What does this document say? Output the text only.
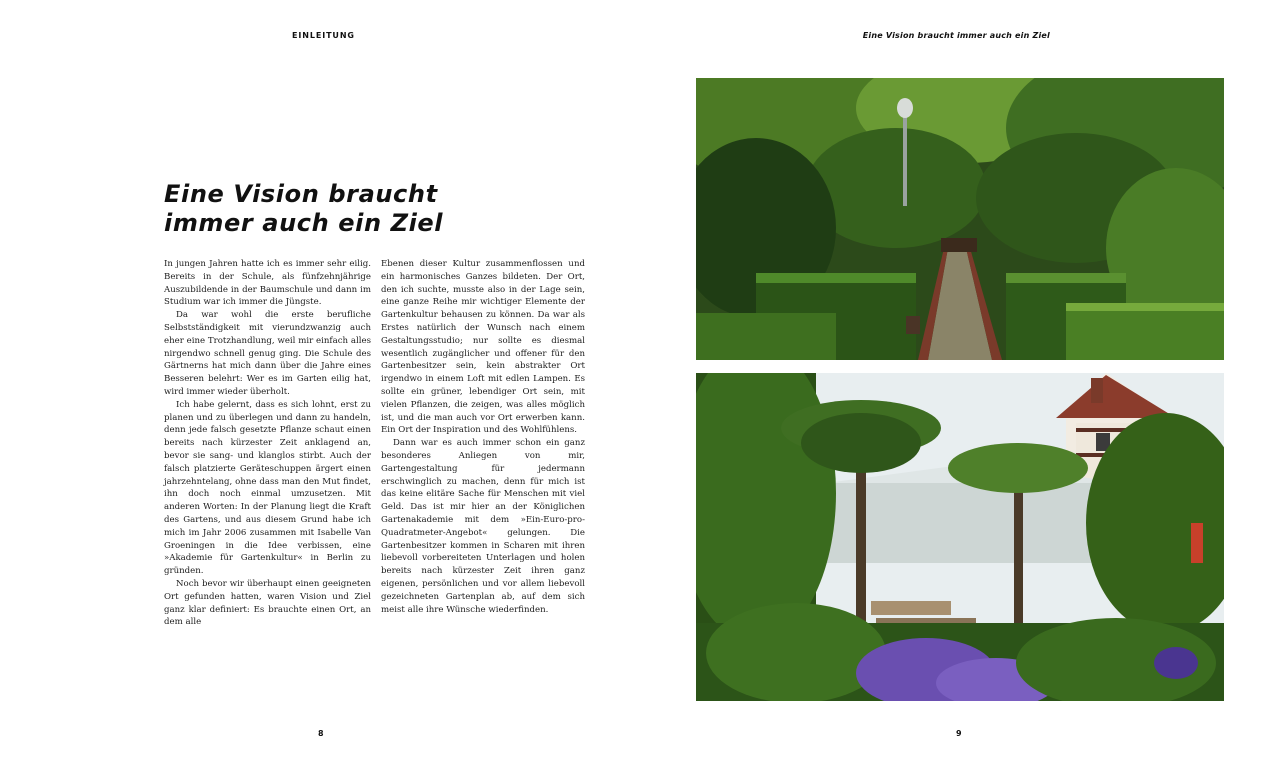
EINLEITUNG
Eine Vision braucht
immer auch ein Ziel

In jungen Jahren hatte ich es immer sehr eilig. Bereits in der Schule, als fünfzehnjährige Auszubildende in der Baumschule und dann im Studium war ich immer die Jüngste.

Da war wohl die erste berufliche Selbstständigkeit mit vierundzwanzig auch eher eine Trotzhandlung, weil mir einfach alles nirgendwo schnell genug ging. Die Schule des Gärtnerns hat mich dann über die Jahre eines Besseren belehrt: Wer es im Garten eilig hat, wird immer wieder überholt.

Ich habe gelernt, dass es sich lohnt, erst zu planen und zu überlegen und dann zu handeln, denn jede falsch gesetzte Pflanze schaut einen bereits nach kürzester Zeit anklagend an, bevor sie sang- und klanglos stirbt. Auch der falsch platzierte Geräteschuppen ärgert einen jahrzehntelang, ohne dass man den Mut findet, ihn doch noch einmal umzusetzen. Mit anderen Worten: In der Planung liegt die Kraft des Gartens, und aus diesem Grund habe ich mich im Jahr 2006 zusammen mit Isabelle Van Groeningen in die Idee verbissen, eine »Akademie für Gartenkultur« in Berlin zu gründen.

Noch bevor wir überhaupt einen geeigneten Ort gefunden hatten, waren Vision und Ziel ganz klar definiert: Es brauchte einen Ort, an dem alle

Ebenen dieser Kultur zusammenflossen und ein harmonisches Ganzes bildeten. Der Ort, den ich suchte, musste also in der Lage sein, eine ganze Reihe mir wichtiger Elemente der Gartenkultur behausen zu können. Da war als Erstes natürlich der Wunsch nach einem Gestaltungsstudio; nur sollte es diesmal wesentlich zugänglicher und offener für den Gartenbesitzer sein, kein abstrakter Ort irgendwo in einem Loft mit edlen Lampen. Es sollte ein grüner, lebendiger Ort sein, mit vielen Pflanzen, die zeigen, was alles möglich ist, und die man auch vor Ort erwerben kann. Ein Ort der Inspiration und des Wohlfühlens.

Dann war es auch immer schon ein ganz besonderes Anliegen von mir, Gartengestaltung für jedermann erschwinglich zu machen, denn für mich ist das keine elitäre Sache für Menschen mit viel Geld. Das ist mir hier an der Königlichen Gartenakademie mit dem »Ein-Euro-pro-Quadratmeter-Angebot« gelungen. Die Gartenbesitzer kommen in Scharen mit ihren liebevoll vorbereiteten Unterlagen und holen bereits nach kürzester Zeit ihren ganz eigenen, persönlichen und vor allem liebevoll gezeichneten Gartenplan ab, auf dem sich meist alle ihre Wünsche wiederfinden.

8
Eine Vision braucht immer auch ein Ziel
9
